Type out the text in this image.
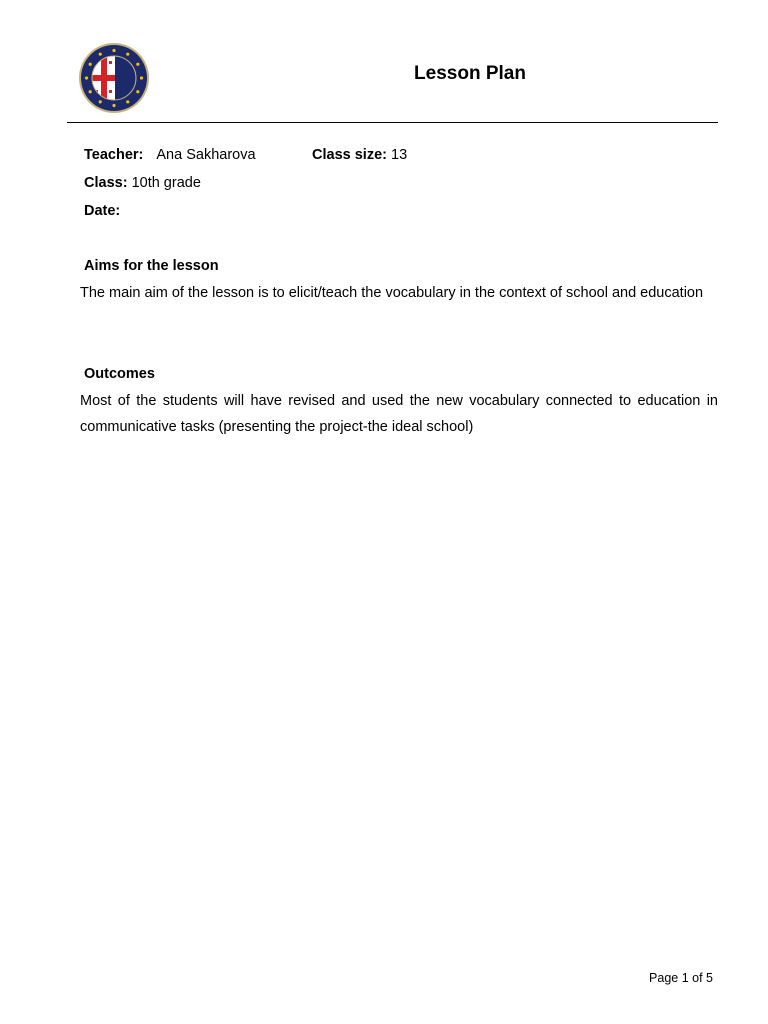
Lesson Plan
Teacher: Ana Sakharova	Class size: 13
Class: 10th grade
Date:
Aims for the lesson

The main aim of the lesson is to elicit/teach the vocabulary in the context of school and education

Outcomes

Most of the students will have revised and used the new vocabulary connected to education in communicative tasks (presenting the project-the ideal school)

Page 1 of 5
